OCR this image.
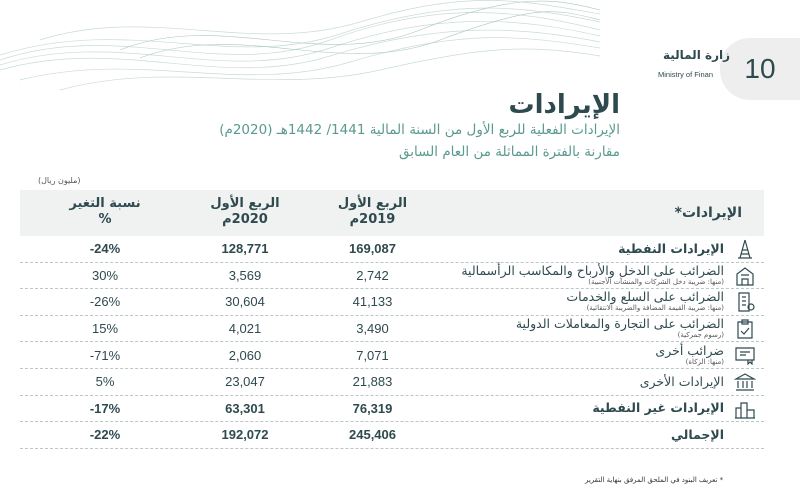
10
زارة المالية
Ministry of Finan
الإيرادات
الإيرادات الفعلية للربع الأول من السنة المالية 1441/ 1442هـ (2020م)
مقارنة بالفترة المماثلة من العام السابق
(مليون ريال)
الإيرادات*
الربع الأول
2019م
الربع الأول
2020م
نسبة التغير
%
الإيرادات النفطية
169,087
128,771
-24%
الضرائب على الدخل والأرباح والمكاسب الرأسمالية
(منها: ضريبة دخل الشركات والمنشآت الأجنبية)
2,742
3,569
30%
الضرائب على السلع والخدمات
(منها: ضريبة القيمة المضافة والضريبة الانتقائية)
41,133
30,604
-26%
الضرائب على التجارة والمعاملات الدولية
(رسوم جمركية)
3,490
4,021
15%
ضرائب أخرى
(منها: الزكاة)
7,071
2,060
-71%
الإيرادات الأخرى
21,883
23,047
5%
الإيرادات غير النفطية
76,319
63,301
-17%
الإجمالي
245,406
192,072
-22%
* تعريف البنود في الملحق المرفق بنهاية التقرير
